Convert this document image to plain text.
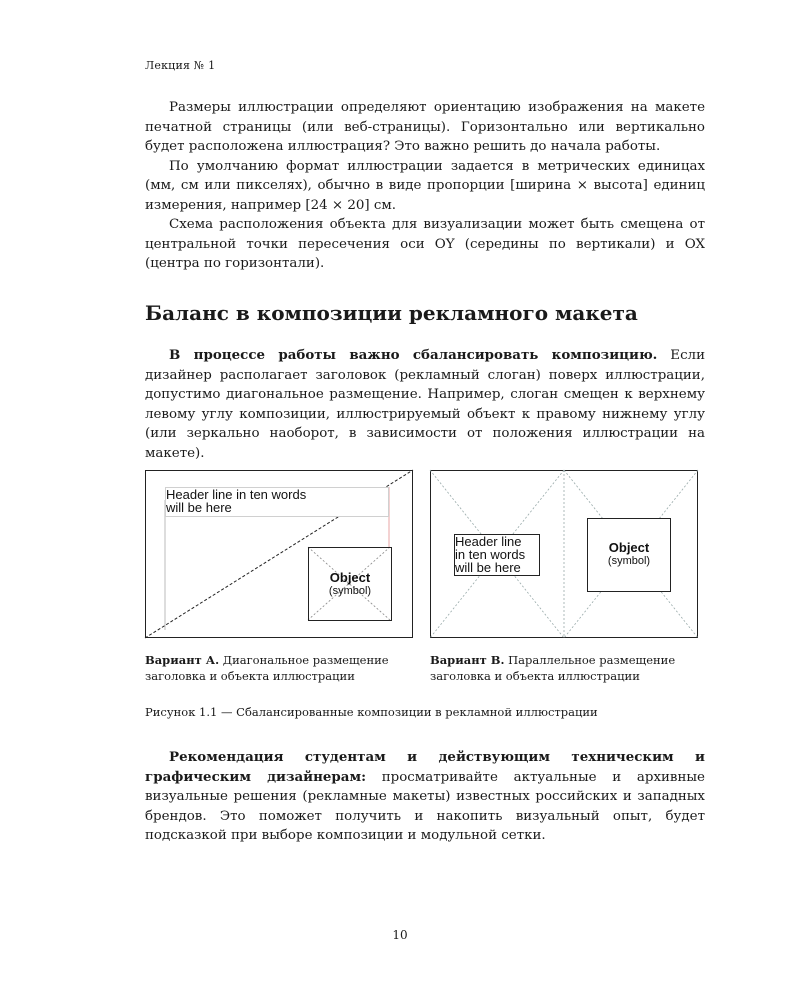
Лекция № 1

Размеры иллюстрации определяют ориентацию изображения на макете печатной страницы (или веб-страницы). Горизонтально или вертикально будет расположена иллюстрация? Это важно решить до начала работы.

По умолчанию формат иллюстрации задается в метрических единицах (мм, см или пикселях), обычно в виде пропорции [ширина × высота] единиц измерения, например [24 × 20] см.

Схема расположения объекта для визуализации может быть смещена от центральной точки пересечения оси OY (середины по вертикали) и OX (центра по горизонтали).

Баланс в композиции рекламного макета

В процессе работы важно сбалансировать композицию. Если дизайнер располагает заголовок (рекламный слоган) поверх иллюстрации, допустимо диагональное размещение. Например, слоган смещен к верхнему левому углу композиции, иллюстрируемый объект к правому нижнему углу (или зеркально наоборот, в зависимости от положения иллюстрации на макете).

Header line in ten words
will be here
Object
(symbol)
Header line
in ten words
will be here
Object
(symbol)
Вариант А. Диагональное размещение заголовка и объекта иллюстрации
Вариант В. Параллельное размещение заголовка и объекта иллюстрации
Рисунок 1.1 — Сбалансированные композиции в рекламной иллюстрации

Рекомендация студентам и действующим техническим и графическим дизайнерам: просматривайте актуальные и архивные визуальные решения (рекламные макеты) известных российских и западных брендов. Это поможет получить и накопить визуальный опыт, будет подсказкой при выборе композиции и модульной сетки.

10
